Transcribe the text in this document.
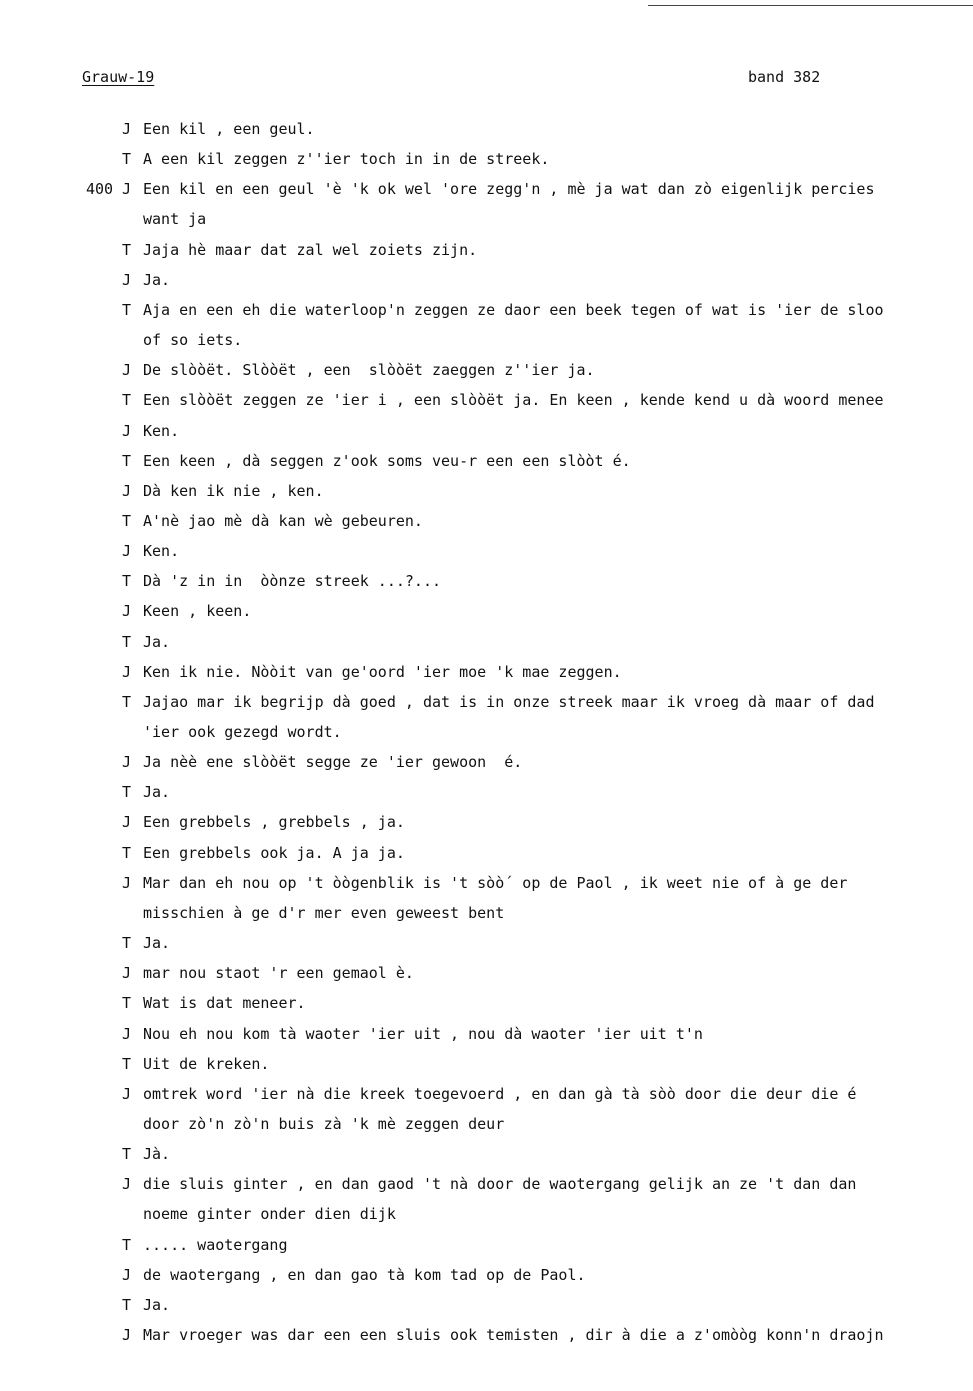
Grauw-19	band 382
J Een kil , een geul.
T A een kil zeggen z''ier toch in in de streek.
400 J Een kil en een geul 'è 'k ok wel 'ore zegg'n , mè ja wat dan zò eigenlijk percies
want ja
T Jaja hè maar dat zal wel zoiets zijn.
J Ja.
T Aja en een eh die waterloop'n zeggen ze daor een beek tegen of wat is 'ier de sloo
of so iets.
J De slòòët. Slòòët , een  slòòët zaeggen z''ier ja.
T Een slòòët zeggen ze 'ier i , een slòòët ja. En keen , kende kend u dà woord menee
J Ken.
T Een keen , dà seggen z'ook soms veu-r een een slòòt é.
J Dà ken ik nie , ken.
T A'nè jao mè dà kan wè gebeuren.
J Ken.
T Dà 'z in in  òònze streek ...?...
J Keen , keen.
T Ja.
J Ken ik nie. Nòòit van ge'oord 'ier moe 'k mae zeggen.
T Jajao mar ik begrijp dà goed , dat is in onze streek maar ik vroeg dà maar of dad
'ier ook gezegd wordt.
J Ja nèè ene slòòët segge ze 'ier gewoon  é.
T Ja.
J Een grebbels , grebbels , ja.
T Een grebbels ook ja. A ja ja.
J Mar dan eh nou op 't òògenblik is 't sòò´ op de Paol , ik weet nie of à ge der
misschien à ge d'r mer even geweest bent
T Ja.
J mar nou staot 'r een gemaol è.
T Wat is dat meneer.
J Nou eh nou kom tà waoter 'ier uit , nou dà waoter 'ier uit t'n
T Uit de kreken.
J omtrek word 'ier nà die kreek toegevoerd , en dan gà tà sòò door die deur die é
door zò'n zò'n buis zà 'k mè zeggen deur
T Jà.
J die sluis ginter , en dan gaod 't nà door de waotergang gelijk an ze 't dan dan
noeme ginter onder dien dijk
T ..... waotergang
J de waotergang , en dan gao tà kom tad op de Paol.
T Ja.
J Mar vroeger was dar een een sluis ook temisten , dir à die a z'omòòg konn'n draojn
